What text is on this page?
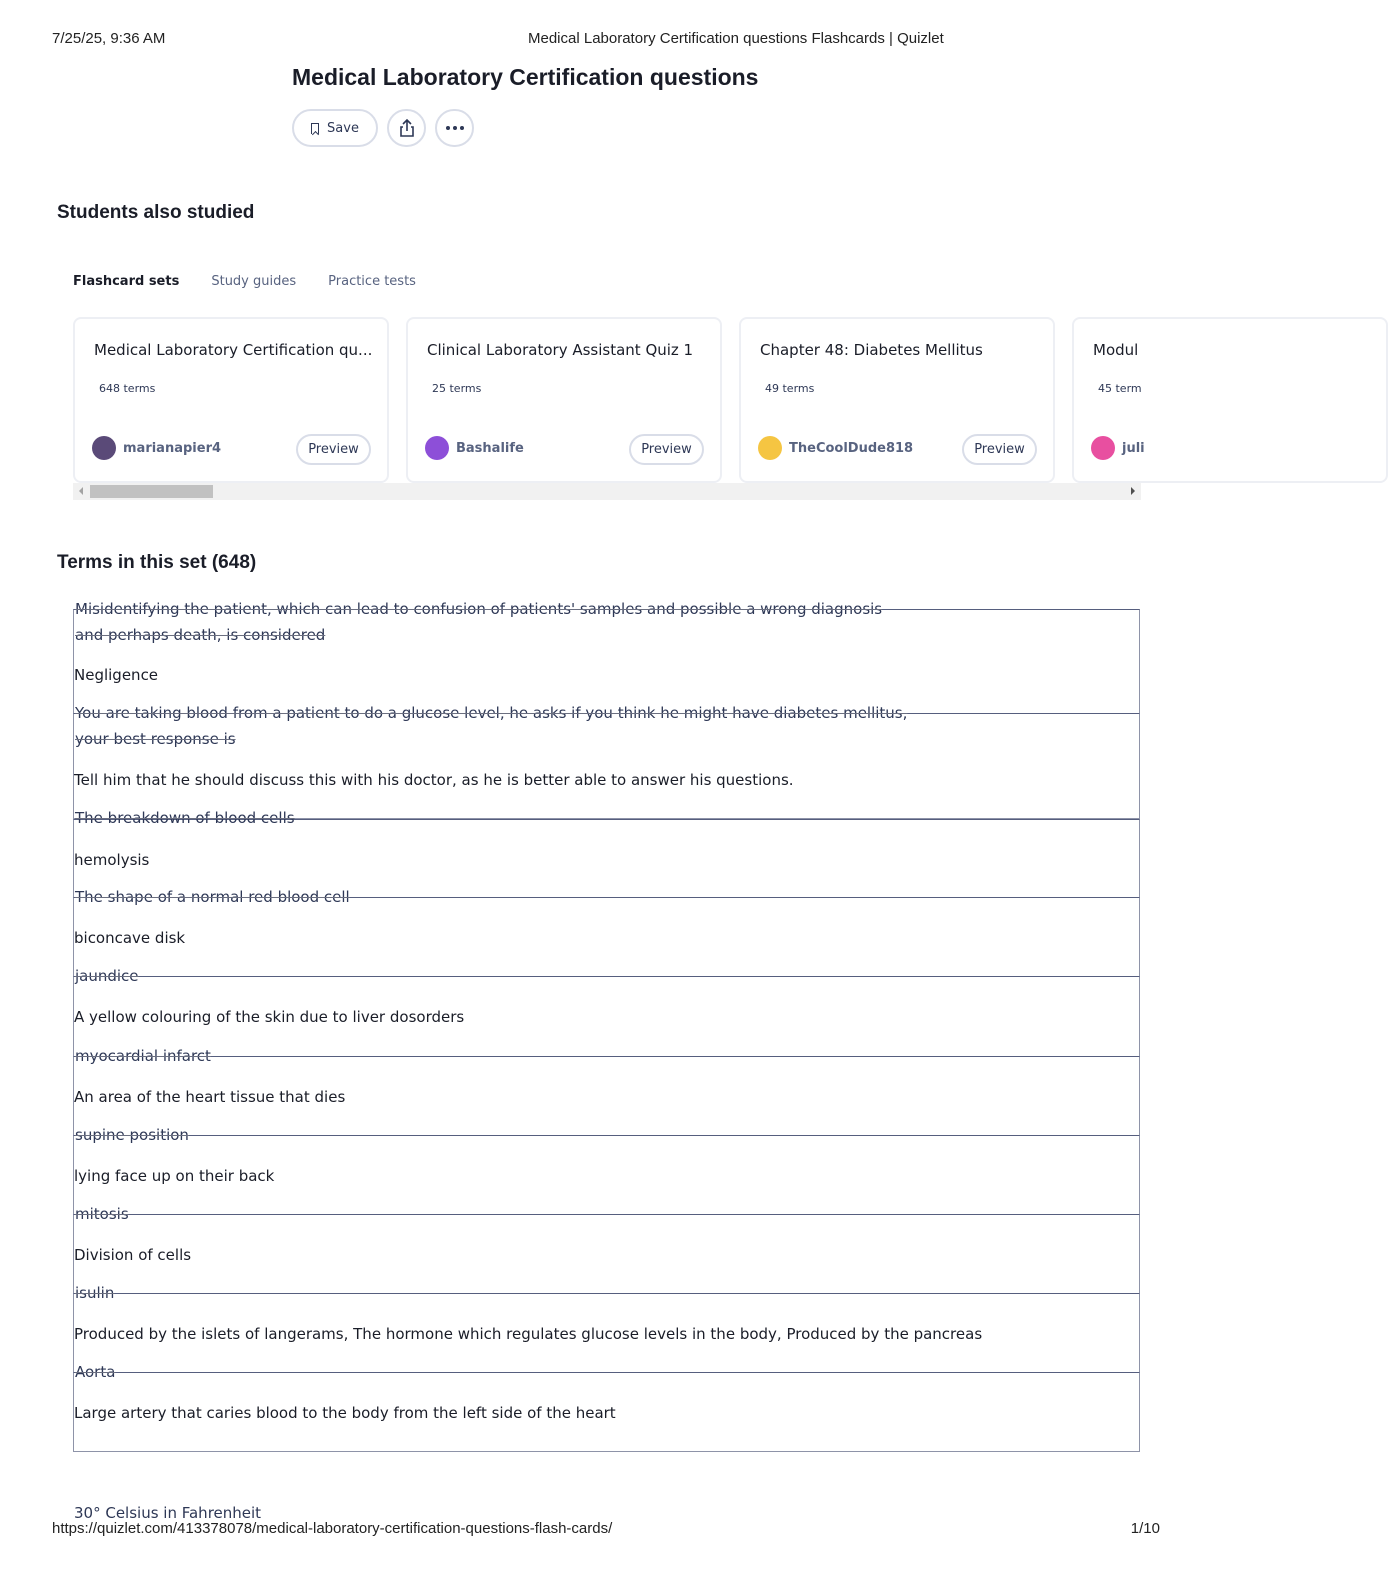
7/25/25, 9:36 AM	Medical Laboratory Certification questions Flashcards | Quizlet
Medical Laboratory Certification questions
Save
Students also studied
Flashcard sets Study guides Practice tests
Medical Laboratory Certification qu...
648 terms
marianapier4	Preview
Clinical Laboratory Assistant Quiz 1
25 terms
Bashalife	Preview
Chapter 48: Diabetes Mellitus
49 terms
TheCoolDude818	Preview
Modul
45 term
juli
Terms in this set (648)
Misidentifying the patient, which can lead to confusion of patients' samples and possible a wrong diagnosis and perhaps death, is considered
Negligence
You are taking blood from a patient to do a glucose level, he asks if you think he might have diabetes mellitus, your best response is
Tell him that he should discuss this with his doctor, as he is better able to answer his questions.
The breakdown of blood cells
hemolysis
The shape of a normal red blood cell
biconcave disk
jaundice
A yellow colouring of the skin due to liver dosorders
myocardial infarct
An area of the heart tissue that dies
supine position
lying face up on their back
mitosis
Division of cells
isulin
Produced by the islets of langerams, The hormone which regulates glucose levels in the body, Produced by the pancreas
Aorta
Large artery that caries blood to the body from the left side of the heart
30° Celsius in Fahrenheit
https://quizlet.com/413378078/medical-laboratory-certification-questions-flash-cards/	1/10
